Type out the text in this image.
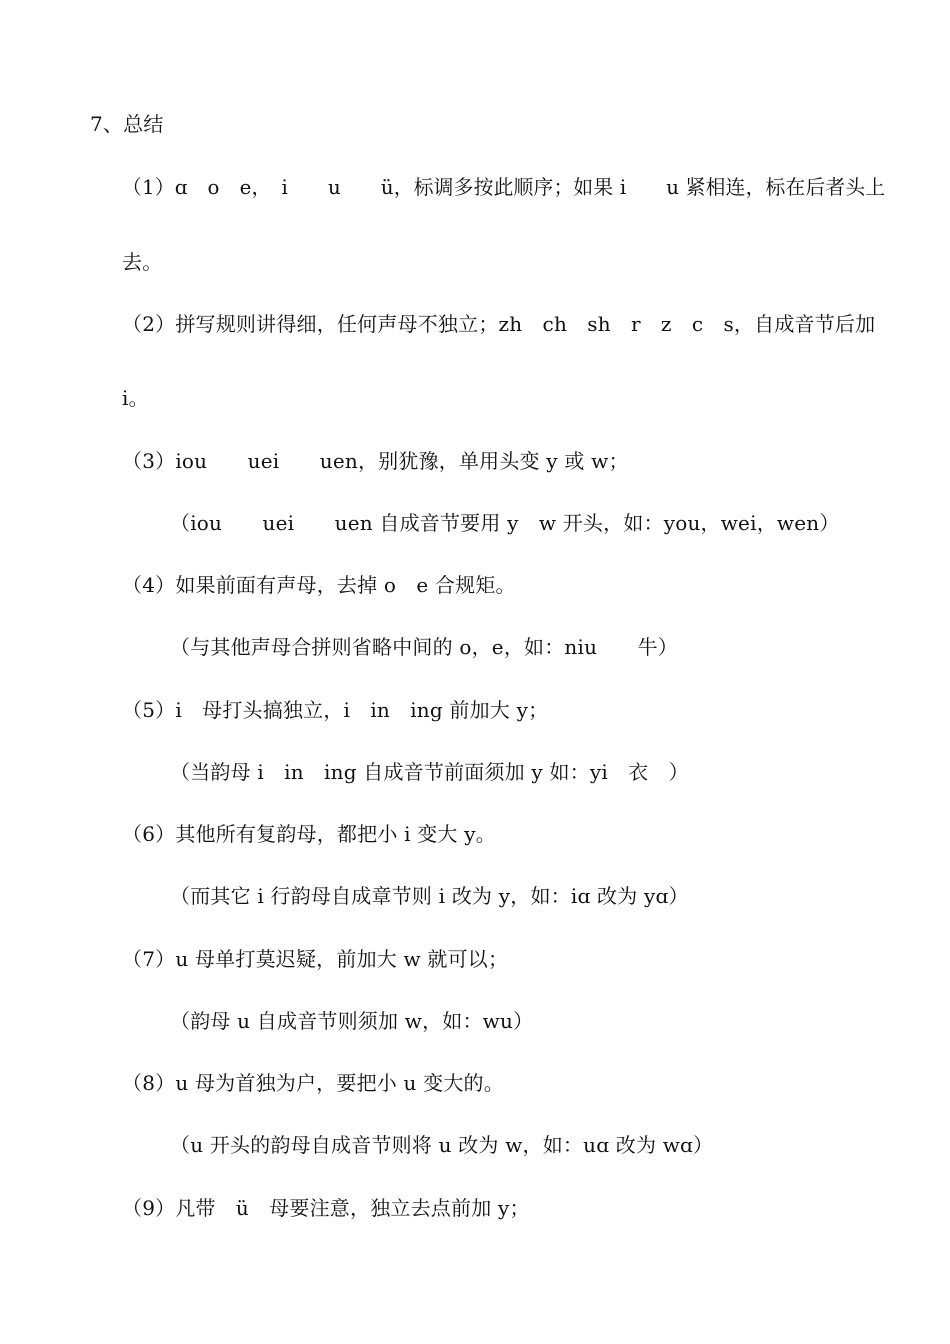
7、总结
（1）ɑ　o　e，　i　　u　　ü，标调多按此顺序；如果 i　　u 紧相连，标在后者头上
去。
（2）拼写规则讲得细，任何声母不独立；zh　ch　sh　r　z　c　s，自成音节后加
i。
（3）iou　　uei　　uen，别犹豫，单用头变 y 或 w；
（iou　　uei　　uen 自成音节要用 y　w 开头，如：you，wei，wen）
（4）如果前面有声母，去掉 o　e 合规矩。
（与其他声母合拼则省略中间的 o，e，如：niu　　牛）
（5）i　母打头搞独立，i　in　ing 前加大 y；
（当韵母 i　in　ing 自成音节前面须加 y 如：yi　衣　）
（6）其他所有复韵母，都把小 i 变大 y。
（而其它 i 行韵母自成章节则 i 改为 y，如：iɑ 改为 yɑ）
（7）u 母单打莫迟疑，前加大 w 就可以；
（韵母 u 自成音节则须加 w，如：wu）
（8）u 母为首独为户，要把小 u 变大的。
（u 开头的韵母自成音节则将 u 改为 w，如：uɑ 改为 wɑ）
（9）凡带　ü　母要注意，独立去点前加 y；
